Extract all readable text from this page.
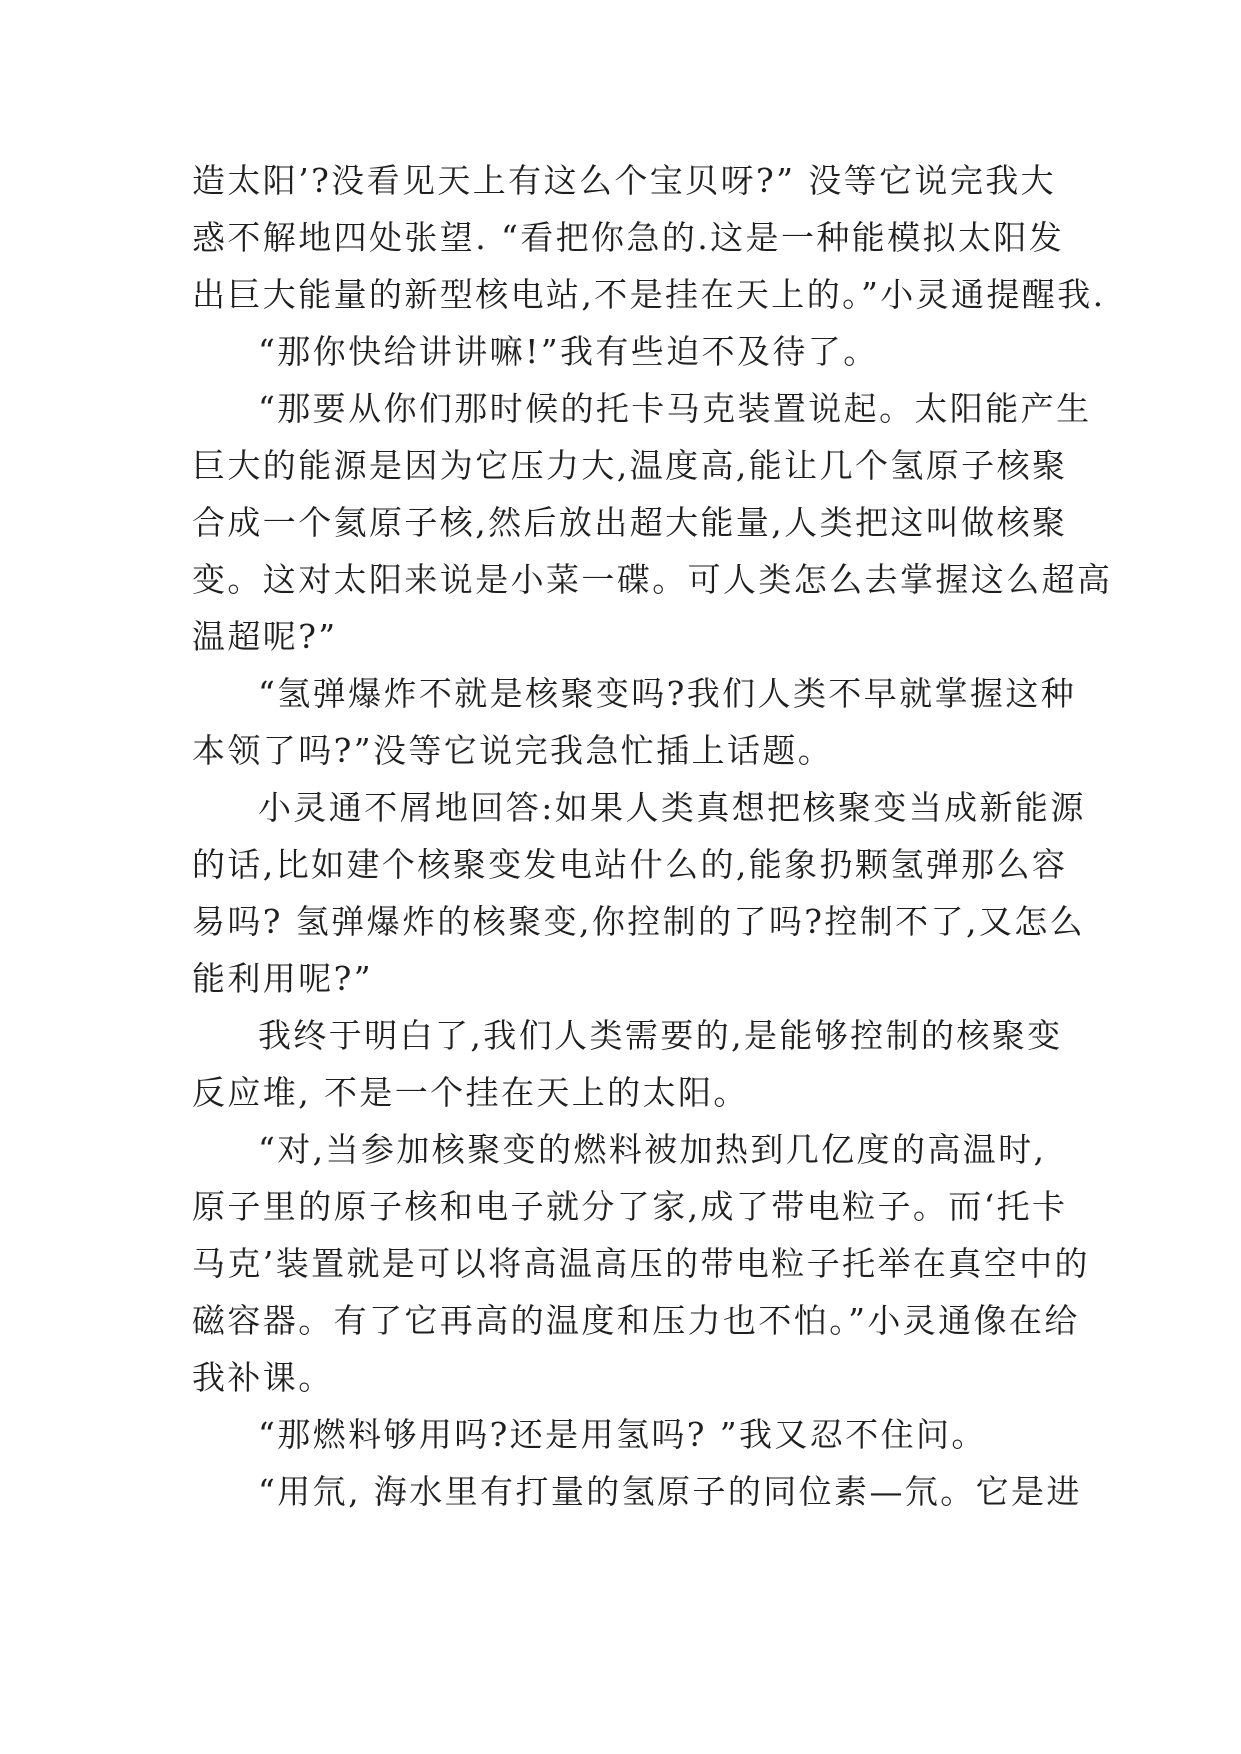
造太阳’?没看见天上有这么个宝贝呀?” 没等它说完我大
惑不解地四处张望. “看把你急的.这是一种能模拟太阳发
出巨大能量的新型核电站,不是挂在天上的。”小灵通提醒我.
“那你快给讲讲嘛!”我有些迫不及待了。
“那要从你们那时候的托卡马克装置说起。太阳能产生
巨大的能源是因为它压力大,温度高,能让几个氢原子核聚
合成一个氦原子核,然后放出超大能量,人类把这叫做核聚
变。这对太阳来说是小菜一碟。可人类怎么去掌握这么超高
温超呢?”
“氢弹爆炸不就是核聚变吗?我们人类不早就掌握这种
本领了吗?”没等它说完我急忙插上话题。
小灵通不屑地回答:如果人类真想把核聚变当成新能源
的话,比如建个核聚变发电站什么的,能象扔颗氢弹那么容
易吗? 氢弹爆炸的核聚变,你控制的了吗?控制不了,又怎么
能利用呢?”
我终于明白了,我们人类需要的,是能够控制的核聚变
反应堆, 不是一个挂在天上的太阳。
“对,当参加核聚变的燃料被加热到几亿度的高温时,
原子里的原子核和电子就分了家,成了带电粒子。而‘托卡
马克’装置就是可以将高温高压的带电粒子托举在真空中的
磁容器。有了它再高的温度和压力也不怕。”小灵通像在给
我补课。
“那燃料够用吗?还是用氢吗? ”我又忍不住问。
“用氘, 海水里有打量的氢原子的同位素—氘。它是进
